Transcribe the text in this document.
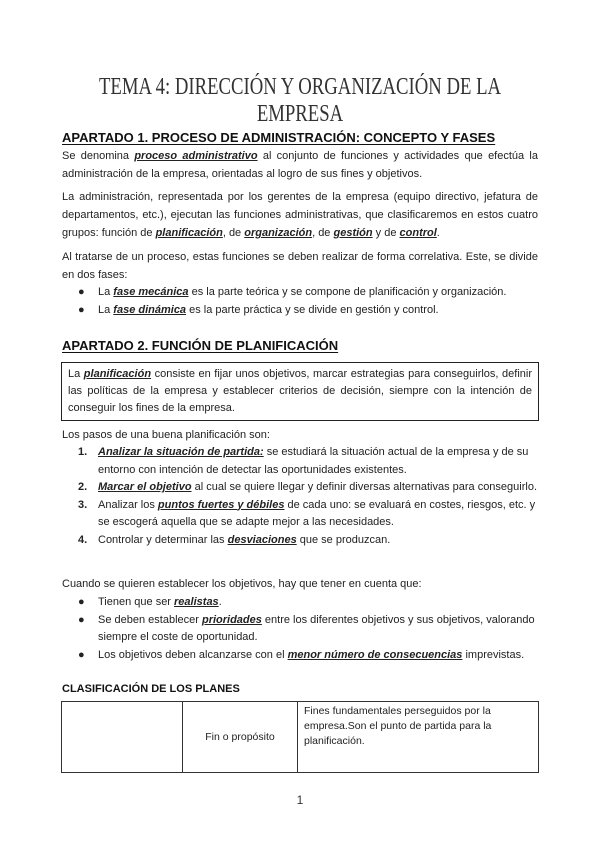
TEMA 4: DIRECCIÓN Y ORGANIZACIÓN DE LA EMPRESA
APARTADO 1. PROCESO DE ADMINISTRACIÓN: CONCEPTO Y FASES
Se denomina proceso administrativo al conjunto de funciones y actividades que efectúa la administración de la empresa, orientadas al logro de sus fines y objetivos.
La administración, representada por los gerentes de la empresa (equipo directivo, jefatura de departamentos, etc.), ejecutan las funciones administrativas, que clasificaremos en estos cuatro grupos: función de planificación, de organización, de gestión y de control.
Al tratarse de un proceso, estas funciones se deben realizar de forma correlativa. Este, se divide en dos fases:
● La fase mecánica es la parte teórica y se compone de planificación y organización.
● La fase dinámica es la parte práctica y se divide en gestión y control.
APARTADO 2. FUNCIÓN DE PLANIFICACIÓN
La planificación consiste en fijar unos objetivos, marcar estrategias para conseguirlos, definir las políticas de la empresa y establecer criterios de decisión, siempre con la intención de conseguir los fines de la empresa.
Los pasos de una buena planificación son:
1. Analizar la situación de partida: se estudiará la situación actual de la empresa y de su entorno con intención de detectar las oportunidades existentes.
2. Marcar el objetivo al cual se quiere llegar y definir diversas alternativas para conseguirlo.
3. Analizar los puntos fuertes y débiles de cada uno: se evaluará en costes, riesgos, etc. y se escogerá aquella que se adapte mejor a las necesidades.
4. Controlar y determinar las desviaciones que se produzcan.
Cuando se quieren establecer los objetivos, hay que tener en cuenta que:
● Tienen que ser realistas.
● Se deben establecer prioridades entre los diferentes objetivos y sus objetivos, valorando siempre el coste de oportunidad.
● Los objetivos deben alcanzarse con el menor número de consecuencias imprevistas.
CLASIFICACIÓN DE LOS PLANES
	Fin o propósito	Fines fundamentales perseguidos por la empresa.Son el punto de partida para la planificación.
1
